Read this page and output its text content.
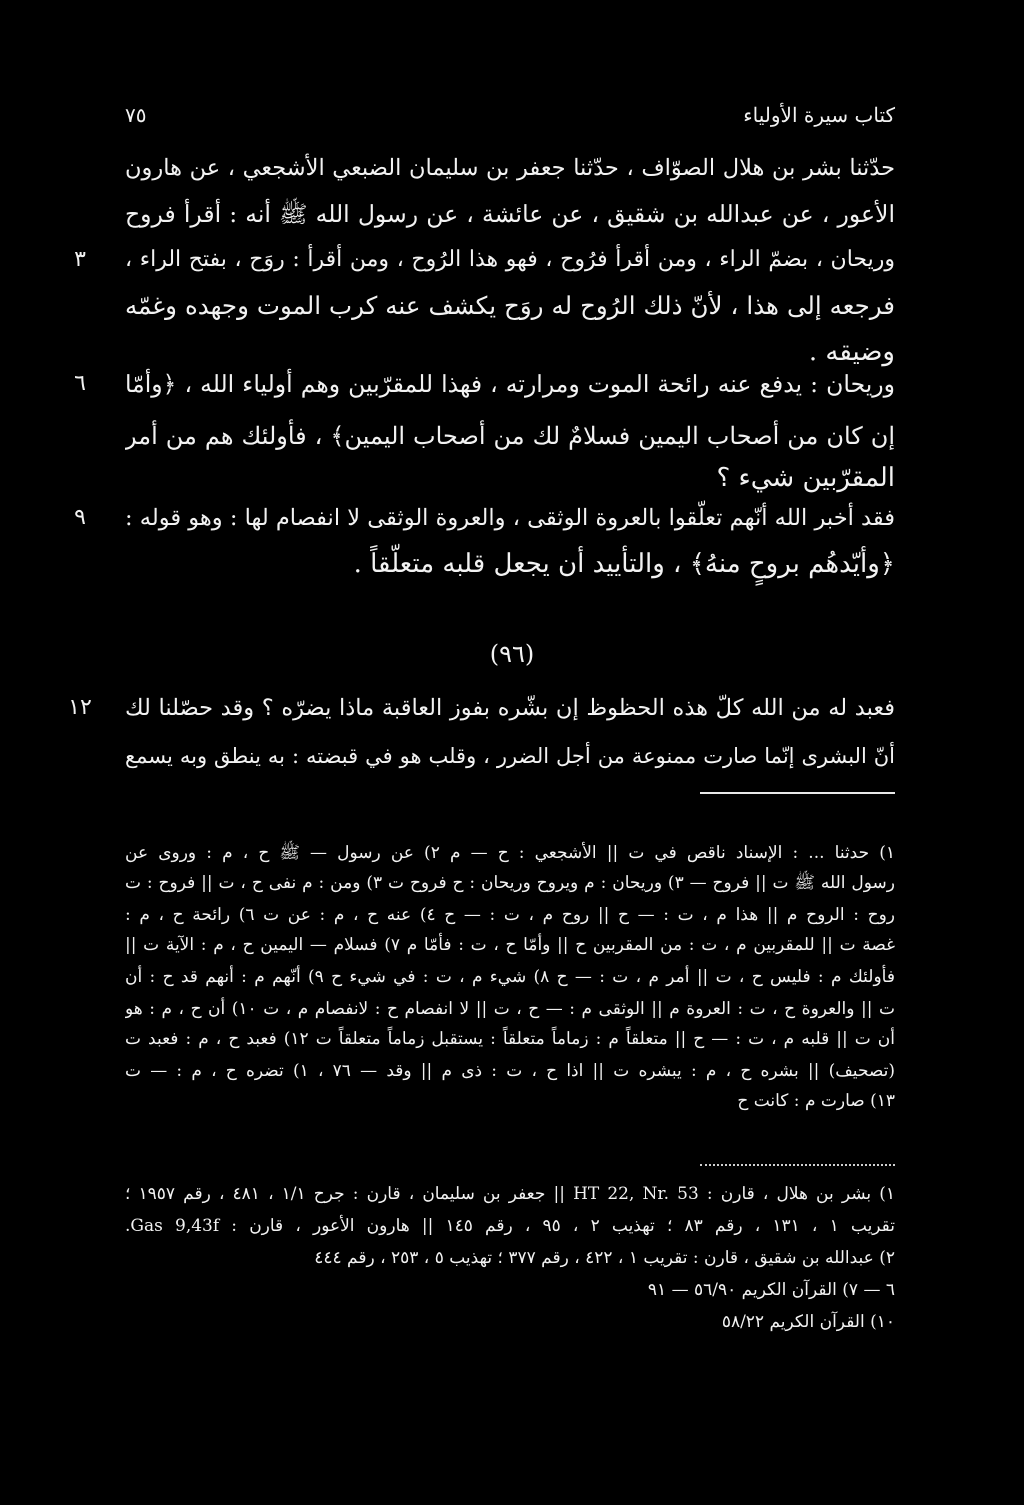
٧٥	كتاب سيرة الأولياء
حدّثنا بشر بن هلال الصوّاف ، حدّثنا جعفر بن سليمان الضبعي الأشجعي ، عن هارون
الأعور ، عن عبدالله بن شقيق ، عن عائشة ، عن رسول الله ﷺ أنه : أقرأ فروح
وريحان ، بضمّ الراء ، ومن أقرأ فرُوح ، فهو هذا الرُوح ، ومن أقرأ : روَح ، بفتح الراء ،
٣
فرجعه إلى هذا ، لأنّ ذلك الرُوح له روَح يكشف عنه كرب الموت وجهده وغمّه
وضيقه .
وريحان : يدفع عنه رائحة الموت ومرارته ، فهذا للمقرّبين وهم أولياء الله ، ﴿وأمّا
٦
إن كان من أصحاب اليمين فسلامٌ لك من أصحاب اليمين﴾ ، فأولئك هم من أمر
المقرّبين شيء ؟
فقد أخبر الله أنّهم تعلّقوا بالعروة الوثقى ، والعروة الوثقى لا انفصام لها : وهو قوله :
٩
﴿وأيّدهُم بروحٍ منهُ﴾ ، والتأييد أن يجعل قلبه متعلّقاً .
(٩٦)
فعبد له من الله كلّ هذه الحظوظ إن بشّره بفوز العاقبة ماذا يضرّه ؟ وقد حصّلنا لك
١٢
أنّ البشرى إنّما صارت ممنوعة من أجل الضرر ، وقلب هو في قبضته : به ينطق وبه يسمع
١) حدثنا ... : الإسناد ناقص في ت || الأشجعي : ح — م ٢) عن رسول — ﷺ ح ، م : وروى عن
رسول الله ﷺ ت || فروح — ٣) وريحان : م ويروح وريحان : ح فروح ت ٣) ومن : م نفى ح ، ت || فروح : ت
روح : الروح م || هذا م ، ت : — ح || روح م ، ت : — ح ٤) عنه ح ، م : عن ت ٦) رائحة ح ، م :
غصة ت || للمقربين م ، ت : من المقربين ح || وأمّا ح ، ت : فأمّا م ٧) فسلام — اليمين ح ، م : الآية ت ||
فأولئك م : فليس ح ، ت || أمر م ، ت : — ح ٨) شيء م ، ت : في شيء ح ٩) أنّهم م : أنهم قد ح : أن
ت || والعروة ح ، ت : العروة م || الوثقى م : — ح ، ت || لا انفصام ح : لانفصام م ، ت ١٠) أن ح ، م : هو
أن ت || قلبه م ، ت : — ح || متعلقاً م : زماماً متعلقاً : يستقبل زماماً متعلقاً ت ١٢) فعبد ح ، م : فعبد ت
(تصحيف) || بشره ح ، م : يبشره ت || اذا ح ، ت : ذى م || وقد — ٧٦ ، ١) تضره ح ، م : — ت
١٣) صارت م : كانت ح
١) بشر بن هلال ، قارن : HT 22, Nr. 53 || جعفر بن سليمان ، قارن : جرح ١/١ ، ٤٨١ ، رقم ١٩٥٧ ؛
تقريب ١ ، ١٣١ ، رقم ٨٣ ؛ تهذيب ٢ ، ٩٥ ، رقم ١٤٥ || هارون الأعور ، قارن : Gas 9,43f.
٢) عبدالله بن شقيق ، قارن : تقريب ١ ، ٤٢٢ ، رقم ٣٧٧ ؛ تهذيب ٥ ، ٢٥٣ ، رقم ٤٤٤
٦ — ٧) القرآن الكريم ٥٦/٩٠ — ٩١
١٠) القرآن الكريم ٥٨/٢٢
